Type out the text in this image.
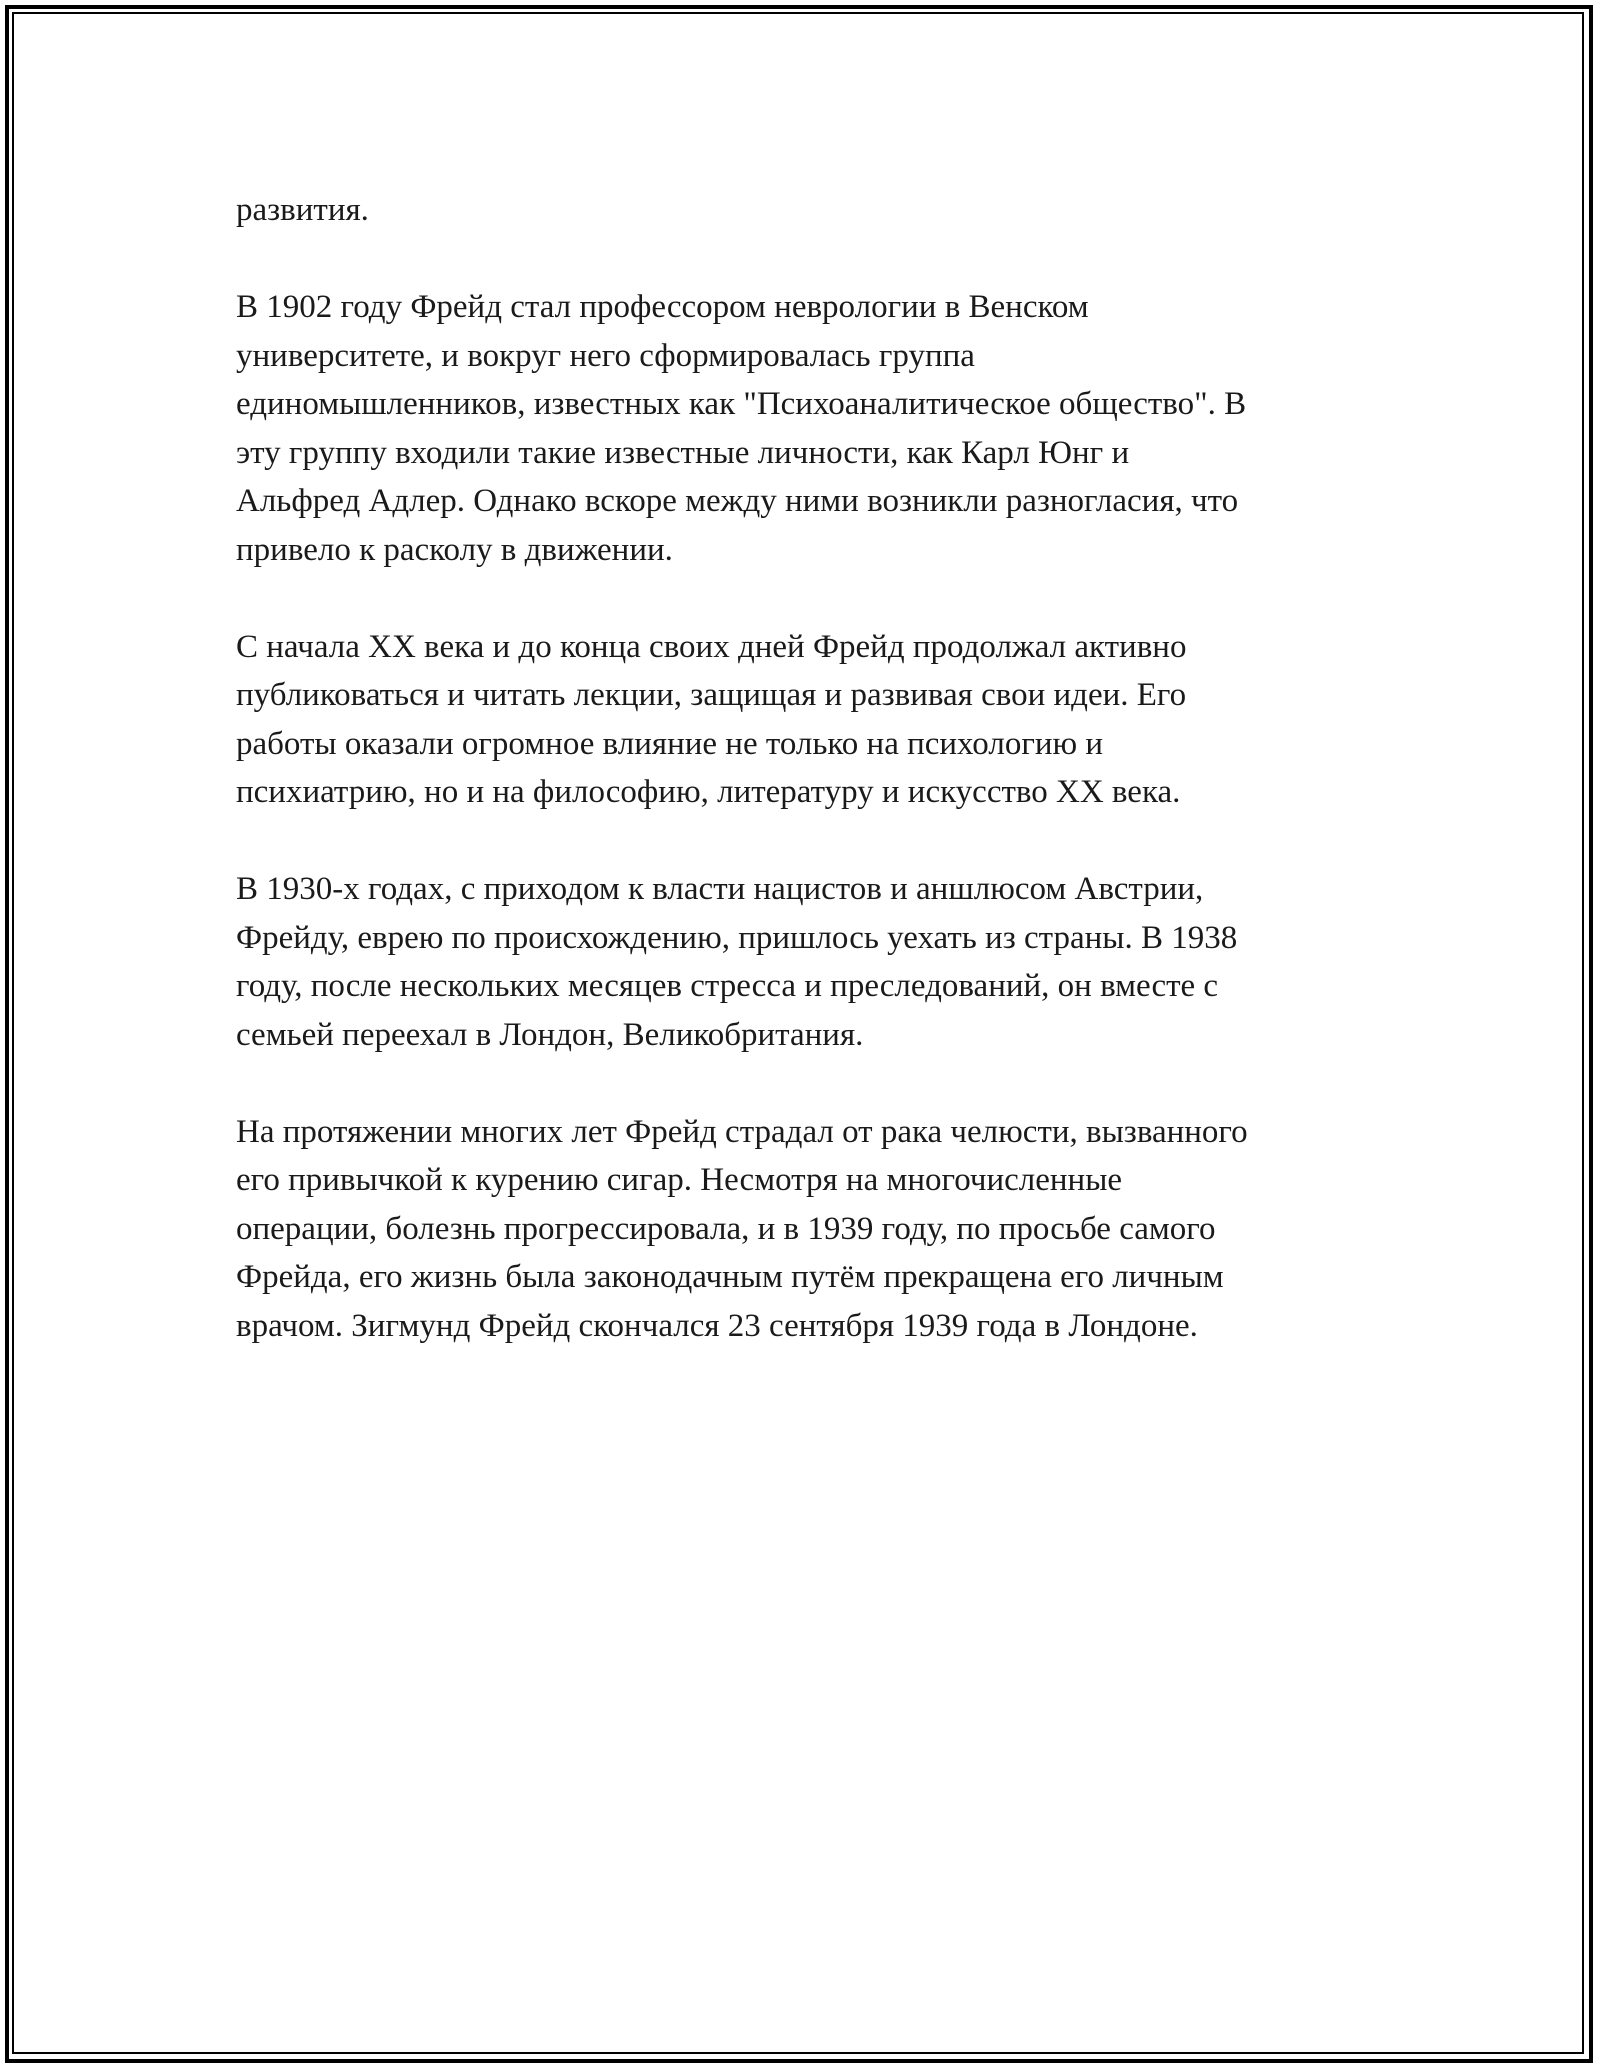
развития.

В 1902 году Фрейд стал профессором неврологии в Венском

университете, и вокруг него сформировалась группа

единомышленников, известных как "Психоаналитическое общество". В

эту группу входили такие известные личности, как Карл Юнг и

Альфред Адлер. Однако вскоре между ними возникли разногласия, что

привело к расколу в движении.

С начала XX века и до конца своих дней Фрейд продолжал активно

публиковаться и читать лекции, защищая и развивая свои идеи. Его

работы оказали огромное влияние не только на психологию и

психиатрию, но и на философию, литературу и искусство XX века.

В 1930-х годах, с приходом к власти нацистов и аншлюсом Австрии,

Фрейду, еврею по происхождению, пришлось уехать из страны. В 1938

году, после нескольких месяцев стресса и преследований, он вместе с

семьей переехал в Лондон, Великобритания.

На протяжении многих лет Фрейд страдал от рака челюсти, вызванного

его привычкой к курению сигар. Несмотря на многочисленные

операции, болезнь прогрессировала, и в 1939 году, по просьбе самого

Фрейда, его жизнь была законодачным путём прекращена его личным

врачом. Зигмунд Фрейд скончался 23 сентября 1939 года в Лондоне.
